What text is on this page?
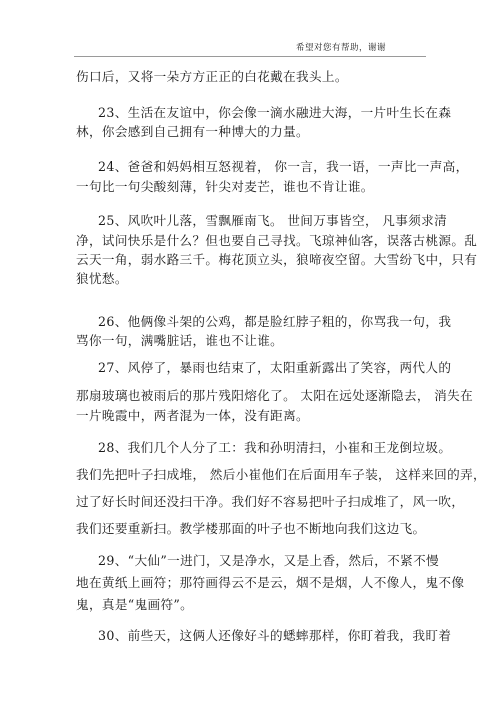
希望对您有帮助，谢谢
伤口后，又将一朵方方正正的白花戴在我头上。
23、生活在友谊中，你会像一滴水融进大海，一片叶生长在森
林，你会感到自己拥有一种博大的力量。
24、爸爸和妈妈相互怒视着， 你一言，我一语，一声比一声高，
一句比一句尖酸刻薄，针尖对麦芒，谁也不肯让谁。
25、风吹叶儿落，雪飘雁南飞。 世间万事皆空， 凡事须求清
净，试问快乐是什么？但也要自己寻找。飞琼神仙客，误落古桃源。乱
云天一角，弱水路三千。梅花顶立头，狼啼夜空留。大雪纷飞中，只有
狼忧愁。
26、他俩像斗架的公鸡，都是脸红脖子粗的，你骂我一句，我
骂你一句，满嘴脏话，谁也不让谁。
27、风停了，暴雨也结束了，太阳重新露出了笑容，两代人的
那扇玻璃也被雨后的那片残阳熔化了。 太阳在远处逐渐隐去， 消失在
一片晚霞中，两者混为一体，没有距离。
28、我们几个人分了工：我和孙明清扫，小崔和王龙倒垃圾。
我们先把叶子扫成堆， 然后小崔他们在后面用车子装， 这样来回的弄，
过了好长时间还没扫干净。我们好不容易把叶子扫成堆了，风一吹，
我们还要重新扫。教学楼那面的叶子也不断地向我们这边飞。
29、“大仙”一进门，又是净水，又是上香，然后，不紧不慢
地在黄纸上画符；那符画得云不是云，烟不是烟，人不像人，鬼不像
鬼，真是“鬼画符”。
30、前些天，这俩人还像好斗的蟋蟀那样，你盯着我，我盯着
